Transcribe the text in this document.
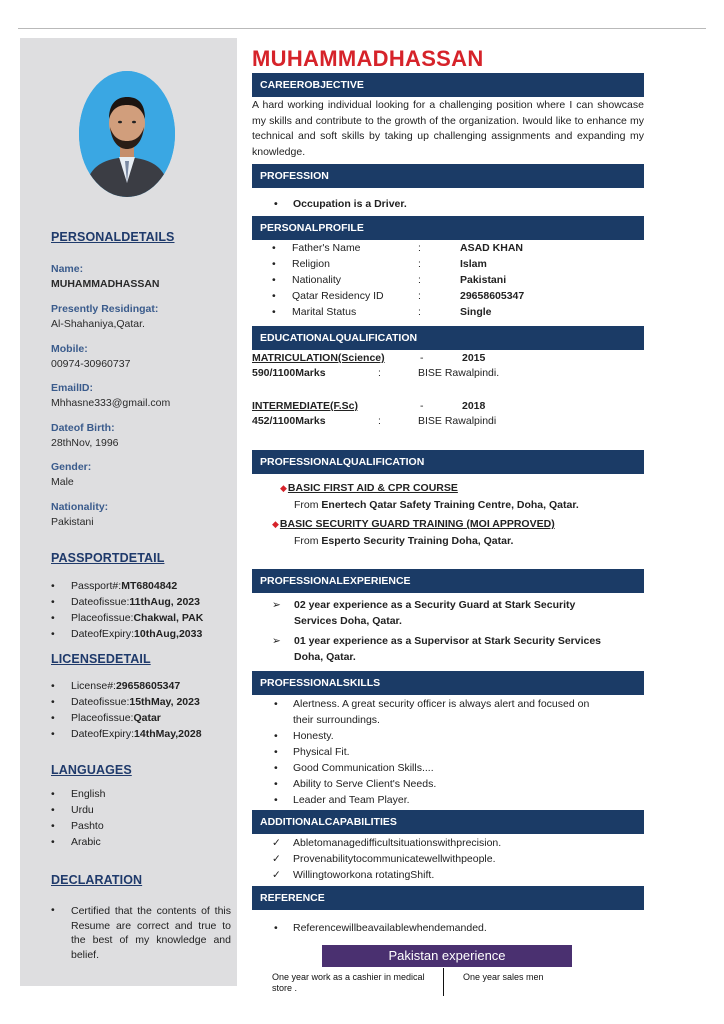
PERSONALDETAILS
Name:
MUHAMMADHASSAN
Presently Residingat:
Al-Shahaniya,Qatar.
Mobile:
00974-30960737
EmailID:
Mhhasne333@gmail.com
Dateof Birth:
28thNov, 1996
Gender:
Male
Nationality:
Pakistani
PASSPORTDETAIL
• Passport#:MT6804842
• Dateofissue:11thAug, 2023
• Placeofissue:Chakwal, PAK
• DateofExpiry:10thAug,2033
LICENSEDETAIL
• License#:29658605347
• Dateofissue:15thMay, 2023
• Placeofissue:Qatar
• DateofExpiry:14thMay,2028
LANGUAGES
• English
• Urdu
• Pashto
• Arabic
DECLARATION
• Certified that the contents of this Resume are correct and true to the best of my knowledge and belief.

MUHAMMADHASSAN
CAREEROBJECTIVE
A hard working individual looking for a challenging position where I can showcase my skills and contribute to the growth of the organization. Iwould like to enhance my technical and soft skills by taking up challenging assignments and expanding my knowledge.
PROFESSION
• Occupation is a Driver.
PERSONALPROFILE
• Father's Name	:	ASAD KHAN
• Religion	:	Islam
• Nationality	:	Pakistani
• Qatar Residency ID	:	29658605347
• Marital Status	:	Single
EDUCATIONALQUALIFICATION
MATRICULATION(Science)	-	2015
590/1100Marks	:	BISE Rawalpindi.
INTERMEDIATE(F.Sc)	-	2018
452/1100Marks	:	BISE Rawalpindi
PROFESSIONALQUALIFICATION
◆BASIC FIRST AID & CPR COURSE
From Enertech Qatar Safety Training Centre, Doha, Qatar.
◆BASIC SECURITY GUARD TRAINING (MOI APPROVED)
From Esperto Security Training Doha, Qatar.
PROFESSIONALEXPERIENCE
➢ 02 year experience as a Security Guard at Stark Security Services Doha, Qatar.
➢ 01 year experience as a Supervisor at Stark Security Services Doha, Qatar.
PROFESSIONALSKILLS
• Alertness. A great security officer is always alert and focused on their surroundings.
• Honesty.
• Physical Fit.
• Good Communication Skills....
• Ability to Serve Client's Needs.
• Leader and Team Player.
ADDITIONALCAPABILITIES
✓ Abletomanagedifficultsituationswithprecision.
✓ Provenabilitytocommunicatewellwithpeople.
✓ Willingtoworkona rotatingShift.
REFERENCE
• Referencewillbeavailablewhendemanded.
Pakistan experience
One year work as a cashier in medical store .
One year sales men
